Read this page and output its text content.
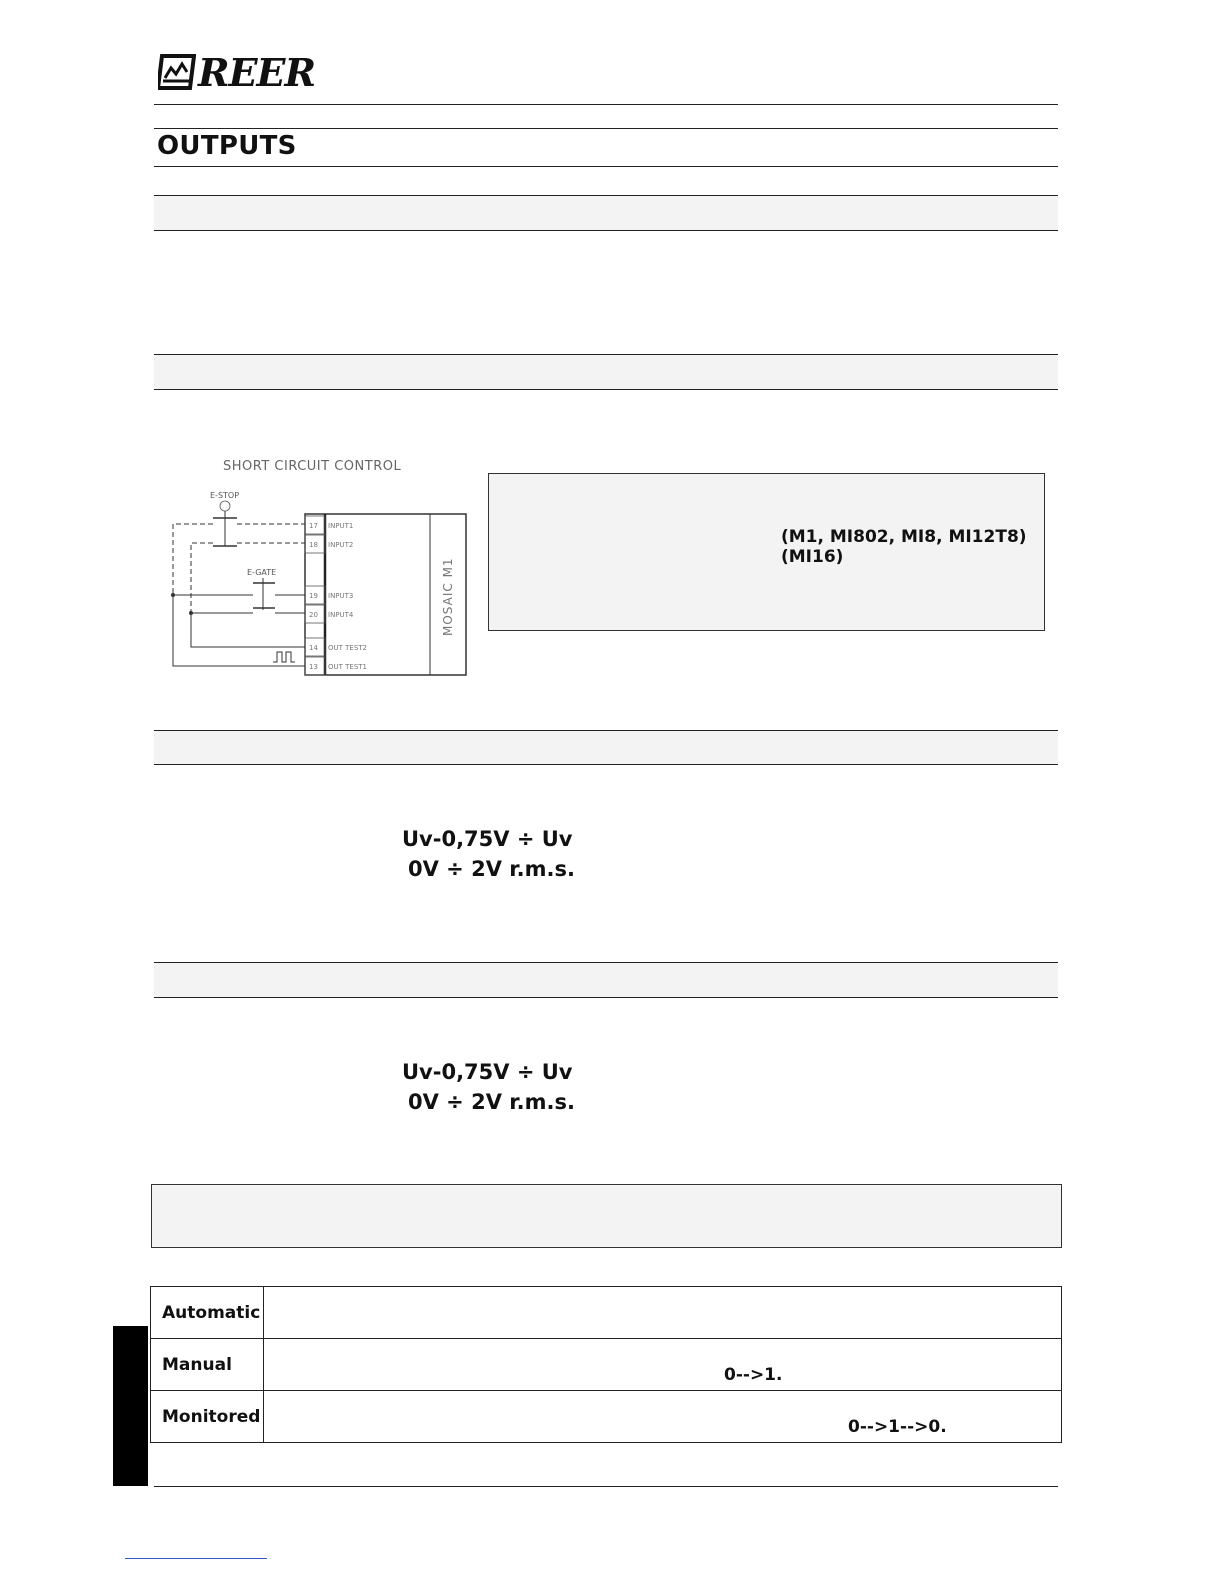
REER
OUTPUTS
SHORT CIRCUIT CONTROL
MOSAIC M1
17
18
19
20
14
13
INPUT1
INPUT2
INPUT3
INPUT4
OUT TEST2
OUT TEST1
E-STOP
E-GATE
(M1, MI802, MI8, MI12T8)
(MI16)
Uv-0,75V ÷ Uv
0V ÷ 2V r.m.s.
Uv-0,75V ÷ Uv
0V ÷ 2V r.m.s.
Automatic	
Manual	0-->1.

Monitored	0-->1-->0.
